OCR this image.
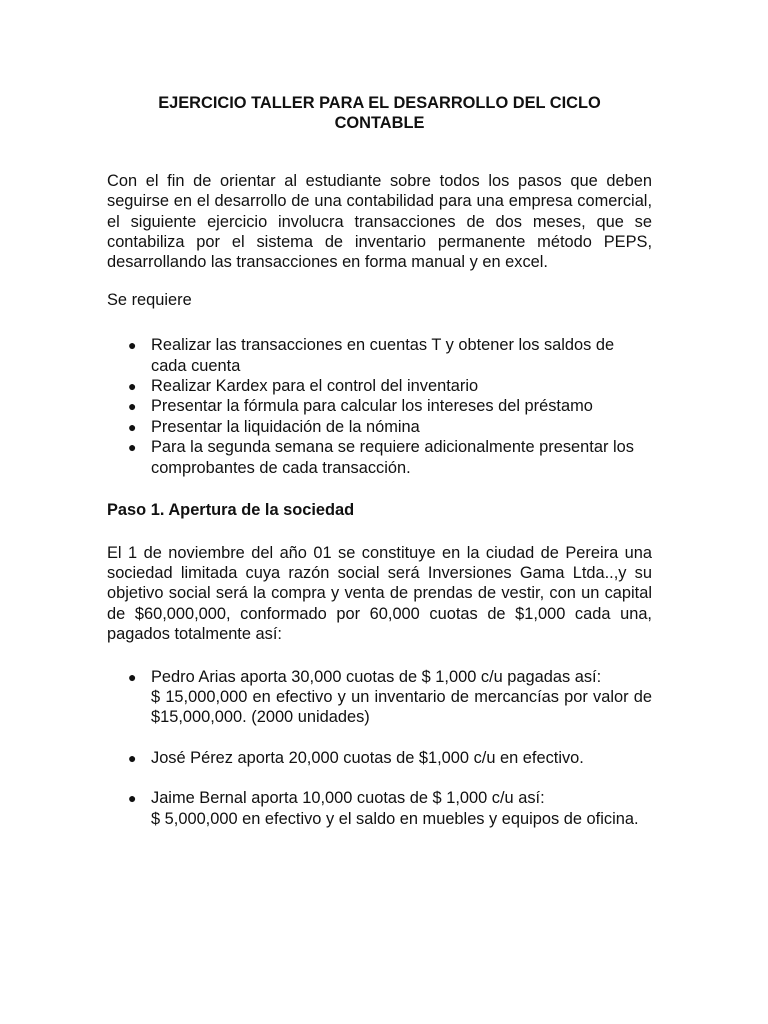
EJERCICIO TALLER PARA EL DESARROLLO DEL CICLO
CONTABLE

Con el fin de orientar al estudiante sobre todos los pasos que deben seguirse en el desarrollo de una contabilidad para una empresa comercial, el siguiente ejercicio involucra transacciones de dos meses, que se contabiliza por el sistema de inventario permanente método PEPS, desarrollando las transacciones en forma manual y en excel.

Se requiere

● Realizar las transacciones en cuentas T y obtener los saldos de cada cuenta
● Realizar Kardex para el control del inventario
● Presentar la fórmula para calcular los intereses del préstamo
● Presentar la liquidación de la nómina
● Para la segunda semana se requiere adicionalmente presentar los comprobantes de cada transacción.

Paso 1. Apertura de la sociedad

El 1 de noviembre del año 01 se constituye en la ciudad de Pereira una sociedad limitada cuya razón social será Inversiones Gama Ltda..,y su objetivo social será la compra y venta de prendas de vestir, con un capital de $60,000,000, conformado por 60,000 cuotas de $1,000 cada una, pagados totalmente así:

● Pedro Arias aporta 30,000 cuotas de $ 1,000 c/u pagadas así:
$ 15,000,000 en efectivo y un inventario de mercancías por valor de $15,000,000. (2000 unidades)
● José Pérez aporta 20,000 cuotas de $1,000 c/u en efectivo.
● Jaime Bernal aporta 10,000 cuotas de $ 1,000 c/u así:
$ 5,000,000 en efectivo y el saldo en muebles y equipos de oficina.
